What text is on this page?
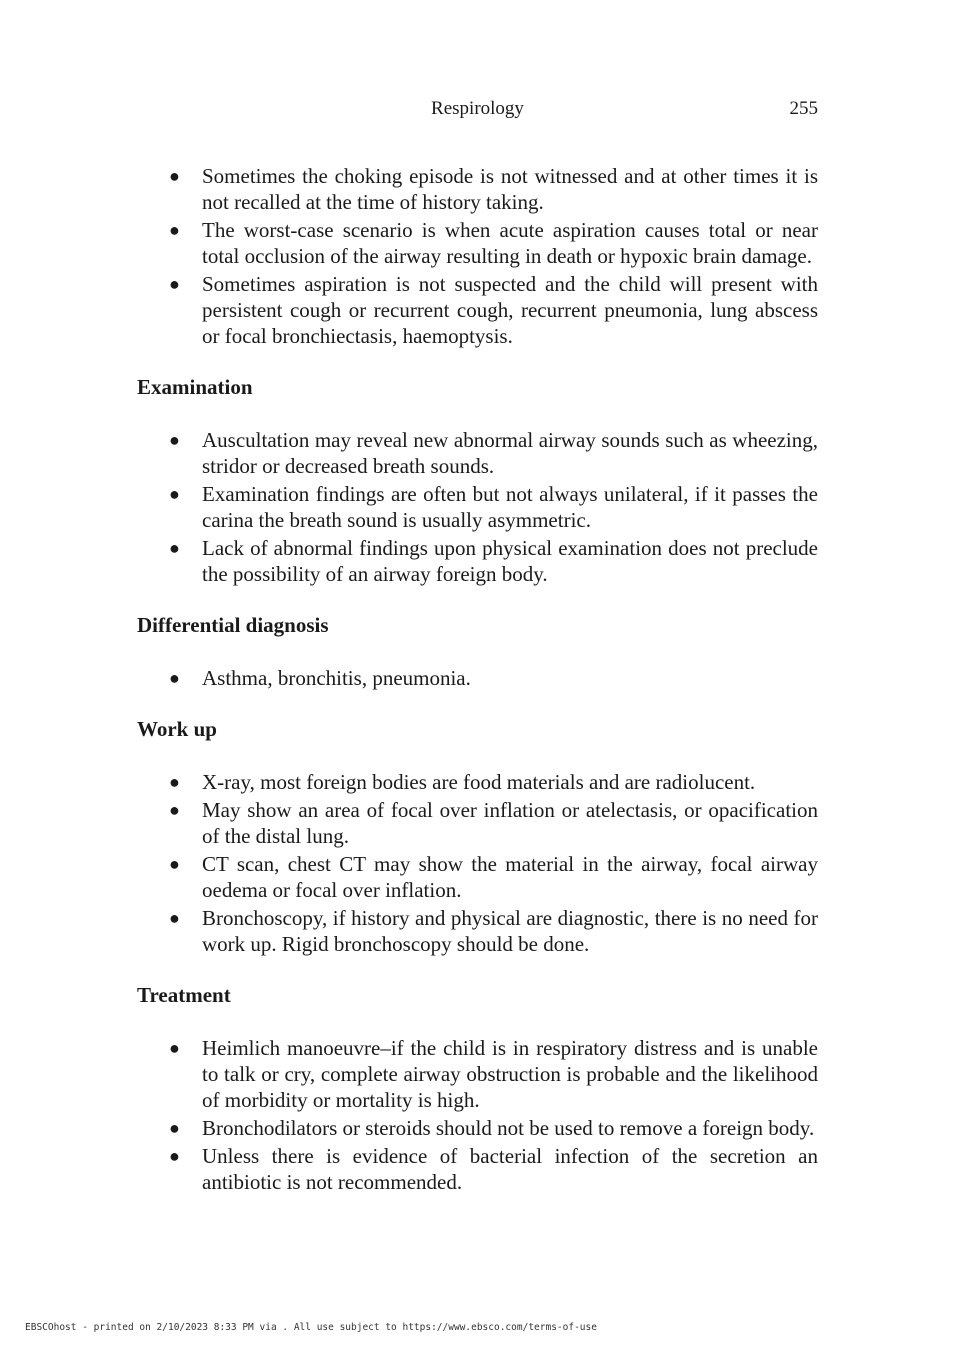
Respirology	255
● Sometimes the choking episode is not witnessed and at other times it is not recalled at the time of history taking.
● The worst-case scenario is when acute aspiration causes total or near total occlusion of the airway resulting in death or hypoxic brain damage.
● Sometimes aspiration is not suspected and the child will present with persistent cough or recurrent cough, recurrent pneumonia, lung abscess or focal bronchiectasis, haemoptysis.
Examination
● Auscultation may reveal new abnormal airway sounds such as wheezing, stridor or decreased breath sounds.
● Examination findings are often but not always unilateral, if it passes the carina the breath sound is usually asymmetric.
● Lack of abnormal findings upon physical examination does not preclude the possibility of an airway foreign body.
Differential diagnosis
● Asthma, bronchitis, pneumonia.
Work up
● X-ray, most foreign bodies are food materials and are radiolucent.
● May show an area of focal over inflation or atelectasis, or opacification of the distal lung.
● CT scan, chest CT may show the material in the airway, focal airway oedema or focal over inflation.
● Bronchoscopy, if history and physical are diagnostic, there is no need for work up. Rigid bronchoscopy should be done.
Treatment
● Heimlich manoeuvre–if the child is in respiratory distress and is unable to talk or cry, complete airway obstruction is probable and the likelihood of morbidity or mortality is high.
● Bronchodilators or steroids should not be used to remove a foreign body.
● Unless there is evidence of bacterial infection of the secretion an antibiotic is not recommended.
EBSCOhost - printed on 2/10/2023 8:33 PM via . All use subject to https://www.ebsco.com/terms-of-use
